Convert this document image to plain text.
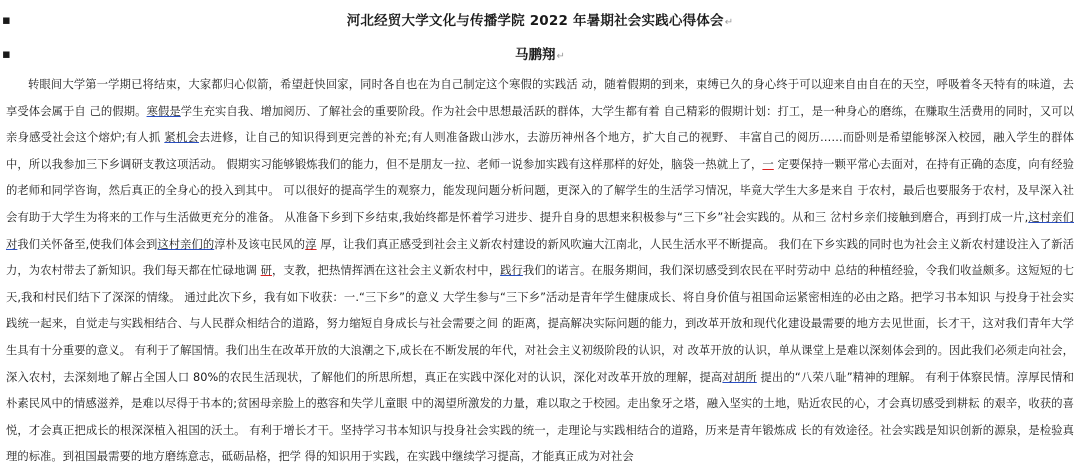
▪
▪
河北经贸大学文化与传播学院 2022 年暑期社会实践心得体会↵
马鹏翔↵
转眼间大学第一学期已将结束，大家都归心似箭，希望赶快回家，同时各自也在为自己制定这个寒假的实践活 动，随着假期的到来，束缚已久的身心终于可以迎来自由自在的天空，呼吸着冬天特有的味道，去享受体会属于自 己的假期。寒假是学生充实自我、增加阅历、了解社会的重要阶段。作为社会中思想最活跃的群体，大学生都有着 自己精彩的假期计划：打工，是一种身心的磨练，在赚取生活费用的同时，又可以亲身感受社会这个熔炉;有人抓 紧机会去进修，让自己的知识得到更完善的补充;有人则准备跋山涉水，去游历神州各个地方，扩大自己的视野、 丰富自己的阅历……而卧则是希望能够深入校园，融入学生的群体中，所以我参加三下乡调研支教这项活动。 假期实习能够锻炼我们的能力，但不是朋友一拉、老师一说参加实践有这样那样的好处，脑袋一热就上了，一 定要保持一颗平常心去面对，在持有正确的态度，向有经验的老师和同学咨询，然后真正的全身心的投入到其中。 可以很好的提高学生的观察力，能发现问题分析问题，更深入的了解学生的生活学习情况，毕竟大学生大多是来自 于农村，最后也要服务于农村，及早深入社会有助于大学生为将来的工作与生活做更充分的准备。 从准备下乡到下乡结束,我始终都是怀着学习进步、提升自身的思想来积极参与“三下乡”社会实践的。从和三 岔村乡亲们接触到磨合，再到打成一片,这村亲们对我们关怀备至,使我们体会到这村亲们的淳朴及该屯民风的淳 厚，让我们真正感受到社会主义新农村建设的新风吹遍大江南北，人民生活水平不断提高。 我们在下乡实践的同时也为社会主义新农村建设注入了新活力，为农村带去了新知识。我们每天都在忙碌地调 研，支教，把热情挥洒在这社会主义新农村中，践行我们的诺言。在服务期间，我们深切感受到农民在平时劳动中 总结的种植经验，令我们收益颇多。这短短的七天,我和村民们结下了深深的情缘。 通过此次下乡，我有如下收获：一.“三下乡”的意义 大学生参与“三下乡”活动是青年学生健康成长、将自身价值与祖国命运紧密相连的必由之路。把学习书本知识 与投身于社会实践统一起来，自觉走与实践相结合、与人民群众相结合的道路，努力缩短自身成长与社会需要之间 的距离，提高解决实际问题的能力，到改革开放和现代化建设最需要的地方去见世面，长才干，这对我们青年大学 生具有十分重要的意义。 有利于了解国情。我们出生在改革开放的大浪潮之下,成长在不断发展的年代，对社会主义初级阶段的认识，对 改革开放的认识，单从课堂上是难以深刻体会到的。因此我们必须走向社会，深入农村，去深刻地了解占全国人口 80%的农民生活现状，了解他们的所思所想，真正在实践中深化对的认识，深化对改革开放的理解，提高对胡所 提出的“八荣八耻”精神的理解。 有利于体察民情。淳厚民情和朴素民风中的情感滋养，是难以尽得于书本的;贫困母亲脸上的憨容和失学儿童眼 中的渴望所激发的力量，难以取之于校园。走出象牙之塔，融入坚实的土地，贴近农民的心，才会真切感受到耕耘 的艰辛，收获的喜悦，才会真正把成长的根深深植入祖国的沃土。 有利于增长才干。坚持学习书本知识与投身社会实践的统一，走理论与实践相结合的道路，历来是青年锻炼成 长的有效途径。社会实践是知识创新的源泉，是检验真理的标准。到祖国最需要的地方磨练意志，砥砺品格，把学 得的知识用于实践，在实践中继续学习提高，才能真正成为对社会
